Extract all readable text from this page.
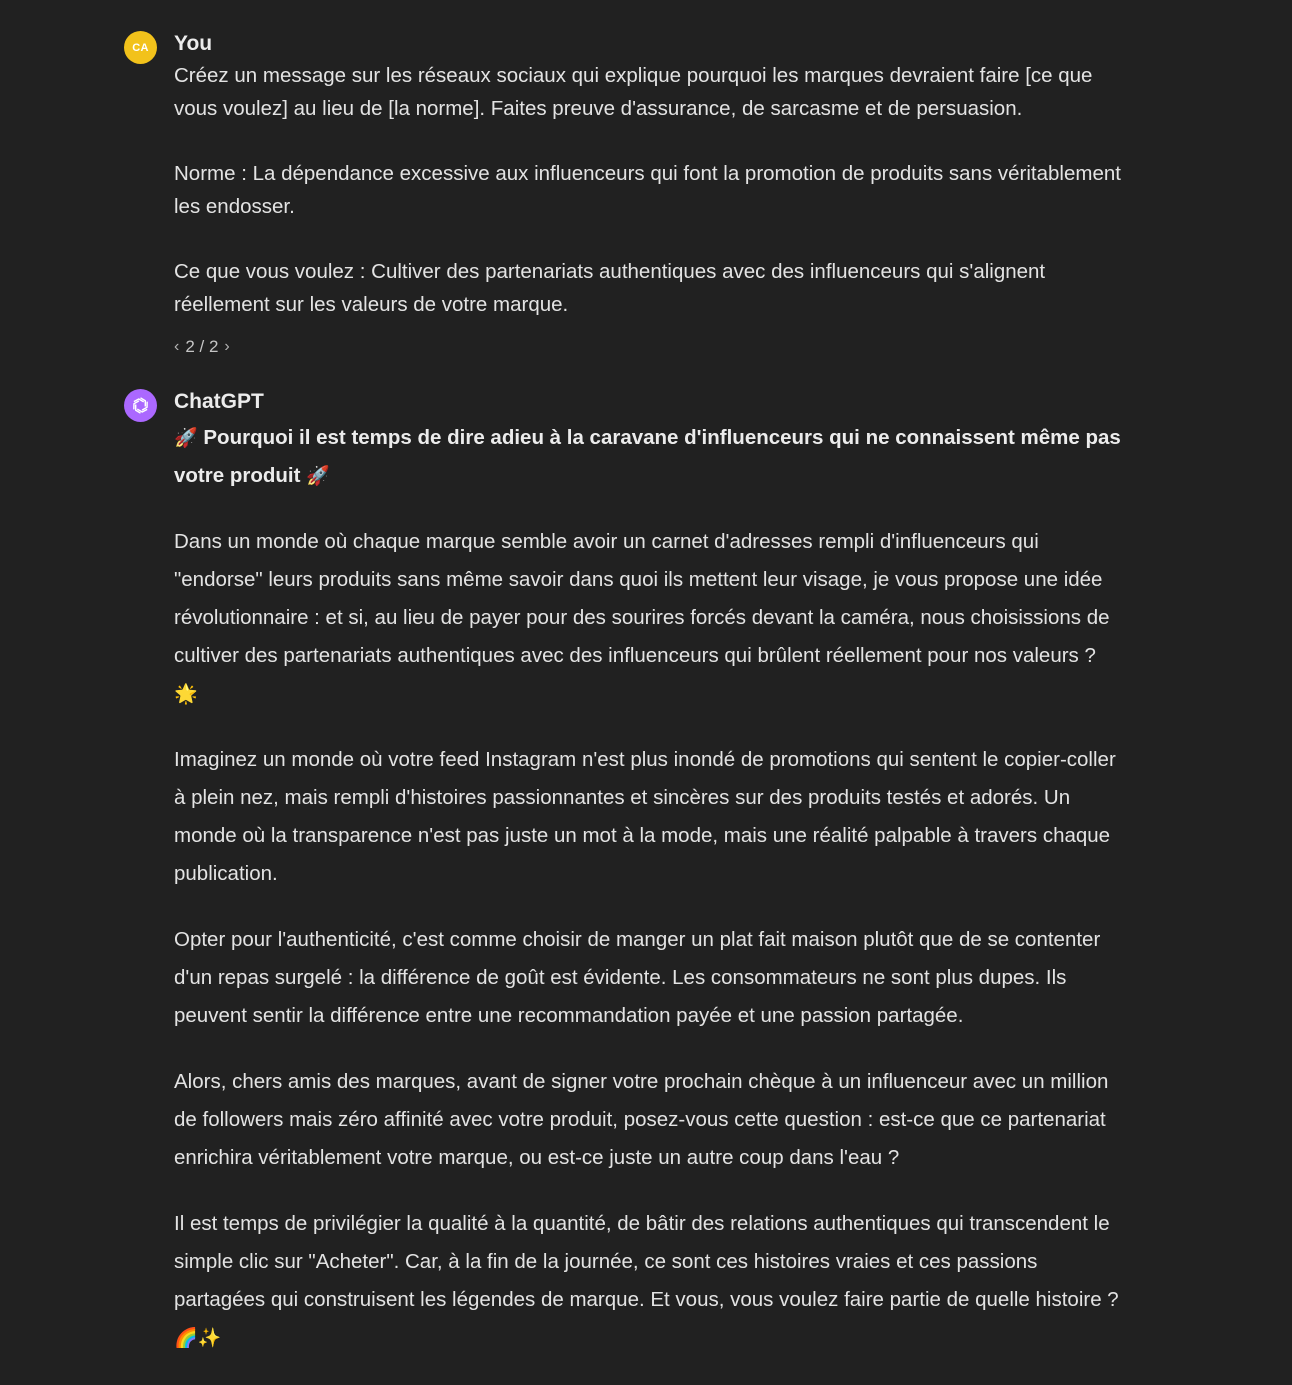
CA You

Créez un message sur les réseaux sociaux qui explique pourquoi les marques devraient faire [ce que vous voulez] au lieu de [la norme]. Faites preuve d'assurance, de sarcasme et de persuasion.

Norme : La dépendance excessive aux influenceurs qui font la promotion de produits sans véritablement les endosser.

Ce que vous voulez : Cultiver des partenariats authentiques avec des influenceurs qui s'alignent réellement sur les valeurs de votre marque.

‹ 2 / 2 ›
ChatGPT
🚀 Pourquoi il est temps de dire adieu à la caravane d'influenceurs qui ne connaissent même pas votre produit 🚀

Dans un monde où chaque marque semble avoir un carnet d'adresses rempli d'influenceurs qui "endorse" leurs produits sans même savoir dans quoi ils mettent leur visage, je vous propose une idée révolutionnaire : et si, au lieu de payer pour des sourires forcés devant la caméra, nous choisissions de cultiver des partenariats authentiques avec des influenceurs qui brûlent réellement pour nos valeurs ? 🌟

Imaginez un monde où votre feed Instagram n'est plus inondé de promotions qui sentent le copier-coller à plein nez, mais rempli d'histoires passionnantes et sincères sur des produits testés et adorés. Un monde où la transparence n'est pas juste un mot à la mode, mais une réalité palpable à travers chaque publication.

Opter pour l'authenticité, c'est comme choisir de manger un plat fait maison plutôt que de se contenter d'un repas surgelé : la différence de goût est évidente. Les consommateurs ne sont plus dupes. Ils peuvent sentir la différence entre une recommandation payée et une passion partagée.

Alors, chers amis des marques, avant de signer votre prochain chèque à un influenceur avec un million de followers mais zéro affinité avec votre produit, posez-vous cette question : est-ce que ce partenariat enrichira véritablement votre marque, ou est-ce juste un autre coup dans l'eau ?

Il est temps de privilégier la qualité à la quantité, de bâtir des relations authentiques qui transcendent le simple clic sur "Acheter". Car, à la fin de la journée, ce sont ces histoires vraies et ces passions partagées qui construisent les légendes de marque. Et vous, vous voulez faire partie de quelle histoire ? 🌈✨
